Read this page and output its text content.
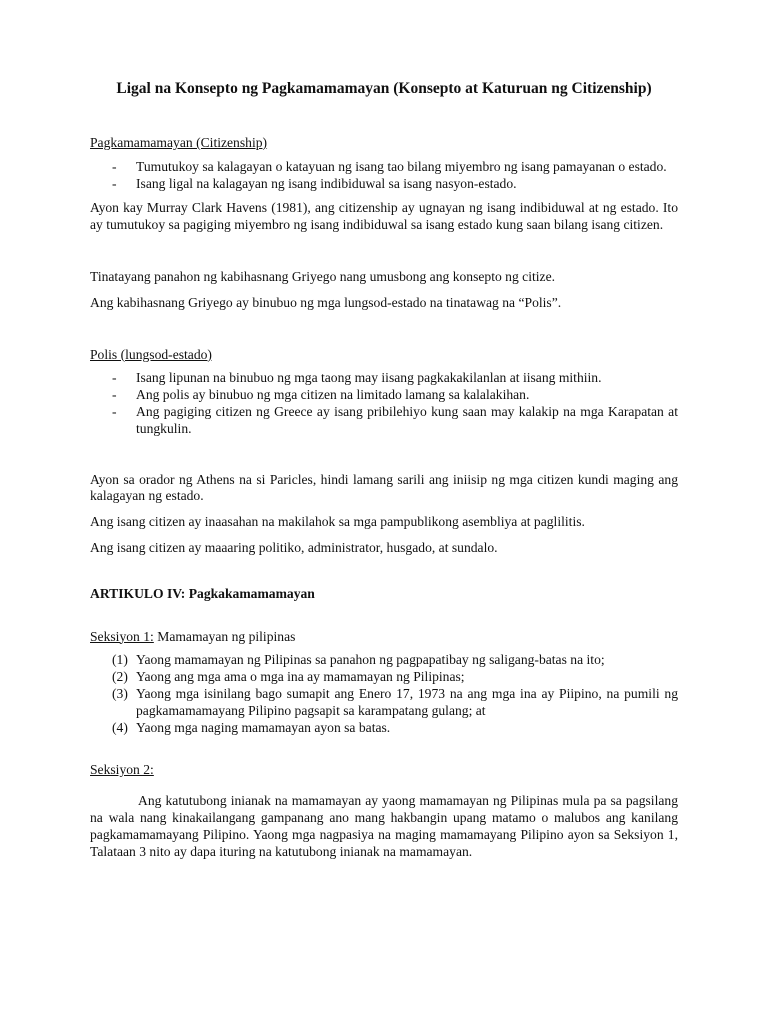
Ligal na Konsepto ng Pagkamamamayan (Konsepto at Katuruan ng Citizenship)
Pagkamamamayan (Citizenship)
- Tumutukoy sa kalagayan o katayuan ng isang tao bilang miyembro ng isang pamayanan o estado.
- Isang ligal na kalagayan ng isang indibiduwal sa isang nasyon-estado.
Ayon kay Murray Clark Havens (1981), ang citizenship ay ugnayan ng isang indibiduwal at ng estado. Ito ay tumutukoy sa pagiging miyembro ng isang indibiduwal sa isang estado kung saan bilang isang citizen.
Tinatayang panahon ng kabihasnang Griyego nang umusbong ang konsepto ng citize.
Ang kabihasnang Griyego ay binubuo ng mga lungsod-estado na tinatawag na “Polis”.
Polis (lungsod-estado)
- Isang lipunan na binubuo ng mga taong may iisang pagkakakilanlan at iisang mithiin.
- Ang polis ay binubuo ng mga citizen na limitado lamang sa kalalakihan.
- Ang pagiging citizen ng Greece ay isang pribilehiyo kung saan may kalakip na mga Karapatan at tungkulin.
Ayon sa orador ng Athens na si Paricles, hindi lamang sarili ang iniisip ng mga citizen kundi maging ang kalagayan ng estado.
Ang isang citizen ay inaasahan na makilahok sa mga pampublikong asembliya at paglilitis.
Ang isang citizen ay maaaring politiko, administrator, husgado, at sundalo.
ARTIKULO IV: Pagkakamamamayan
Seksiyon 1: Mamamayan ng pilipinas
(1) Yaong mamamayan ng Pilipinas sa panahon ng pagpapatibay ng saligang-batas na ito;
(2) Yaong ang mga ama o mga ina ay mamamayan ng Pilipinas;
(3) Yaong mga isinilang bago sumapit ang Enero 17, 1973 na ang mga ina ay Piipino, na pumili ng pagkamamamayang Pilipino pagsapit sa karampatang gulang; at
(4) Yaong mga naging mamamayan ayon sa batas.
Seksiyon 2:
Ang katutubong inianak na mamamayan ay yaong mamamayan ng Pilipinas mula pa sa pagsilang na wala nang kinakailangang gampanang ano mang hakbangin upang matamo o malubos ang kanilang pagkamamamayang Pilipino. Yaong mga nagpasiya na maging mamamayang Pilipino ayon sa Seksiyon 1, Talataan 3 nito ay dapa ituring na katutubong inianak na mamamayan.
